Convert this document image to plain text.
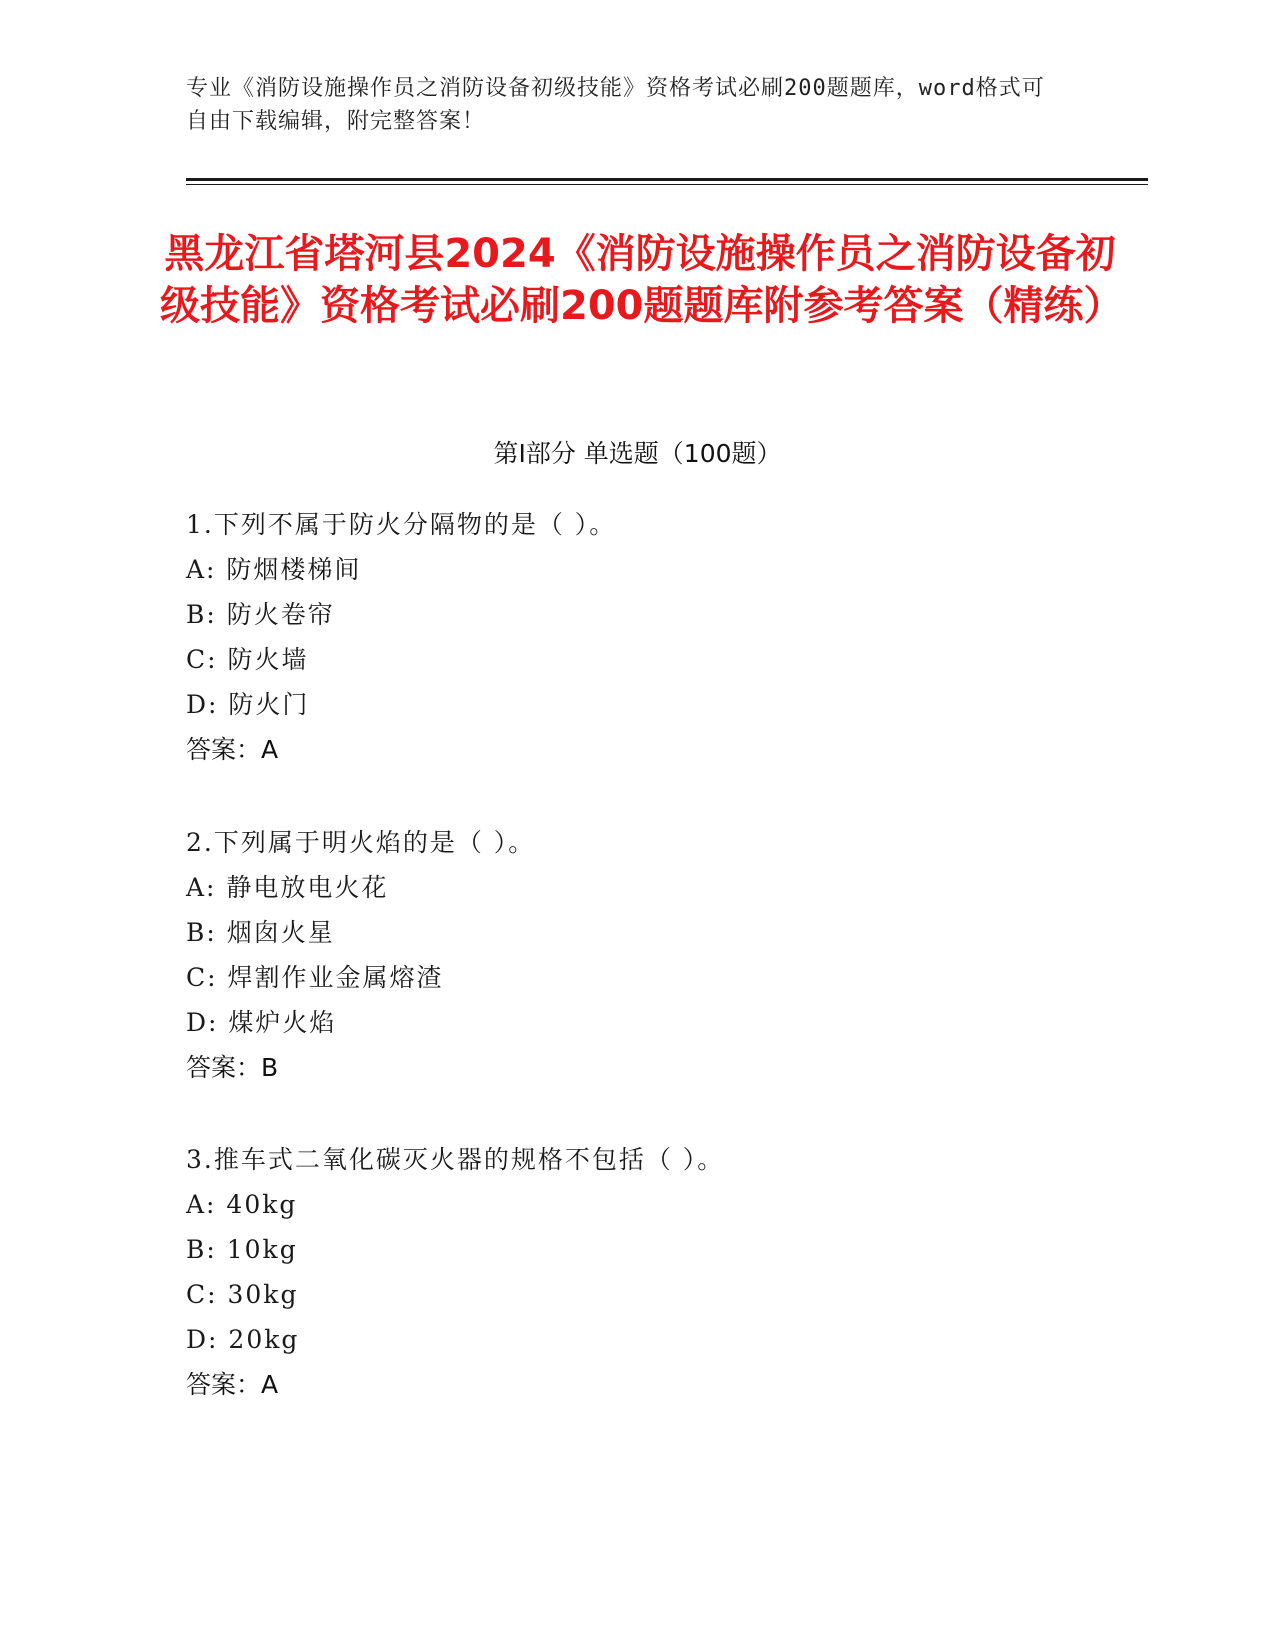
专业《消防设施操作员之消防设备初级技能》资格考试必刷200题题库，word格式可自由下载编辑，附完整答案！
黑龙江省塔河县2024《消防设施操作员之消防设备初级技能》资格考试必刷200题题库附参考答案（精练）
第Ⅰ部分 单选题（100题）
1.下列不属于防火分隔物的是（ ）。
A: 防烟楼梯间
B: 防火卷帘
C: 防火墙
D: 防火门
答案：A
2.下列属于明火焰的是（ ）。
A: 静电放电火花
B: 烟囱火星
C: 焊割作业金属熔渣
D: 煤炉火焰
答案：B
3.推车式二氧化碳灭火器的规格不包括（ ）。
A: 40kg
B: 10kg
C: 30kg
D: 20kg
答案：A
